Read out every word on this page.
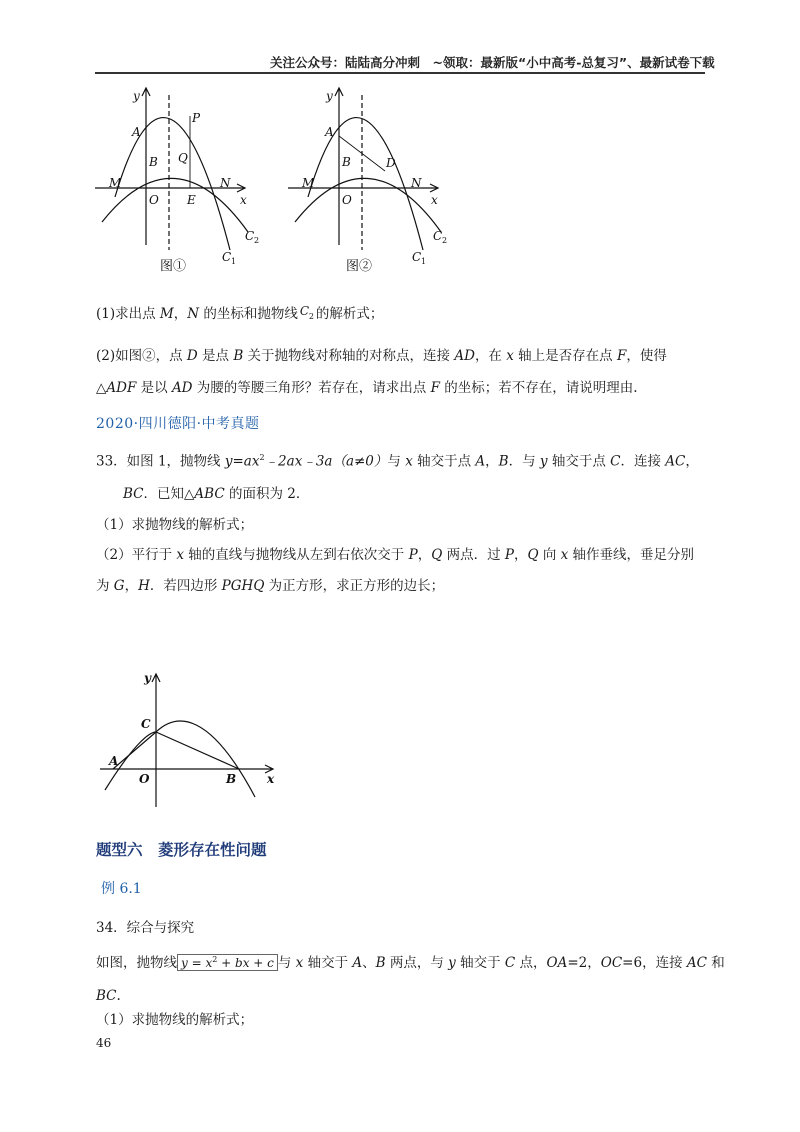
关注公众号：陆陆高分冲刺　~领取：最新版“小中高考-总复习”、最新试卷下载
y
A
P
B Q
M	N
O E	x
C 2
C 1
图①
y
A
B	D
M	N
O	x
C 2
C 1
图②
(1)求出点 M，N 的坐标和抛物线 C 2 的解析式；
(2)如图②，点 D 是点 B 关于抛物线对称轴的对称点，连接 AD，在 x 轴上是否存在点 F，使得
△ADF 是以 AD 为腰的等腰三角形？若存在，请求出点 F 的坐标；若不存在，请说明理由.
2020·四川德阳·中考真题
33．如图 1，抛物线 $y=ax^2﹣2ax﹣3a(a\ne 0)$与 x 轴交于点 A，B．与 y 轴交于点 C．连接 AC，
BC．已知△ABC 的面积为 2．
（1）求抛物线的解析式；
（2）平行于 x 轴的直线与抛物线从左到右依次交于 P，Q 两点．过 P，Q 向 x 轴作垂线，垂足分别
为 G，H．若四边形 PGHQ 为正方形，求正方形的边长；
y
C
A
O	B	x
题型六　菱形存在性问题
例 6.1
34．综合与探究
如图，抛物线 $y = x^2$ + bx + c 与 x 轴交于 A、B 两点，与 y 轴交于 C 点，OA=2，OC=6，连接 AC 和
BC.
（1）求抛物线的解析式；
46
